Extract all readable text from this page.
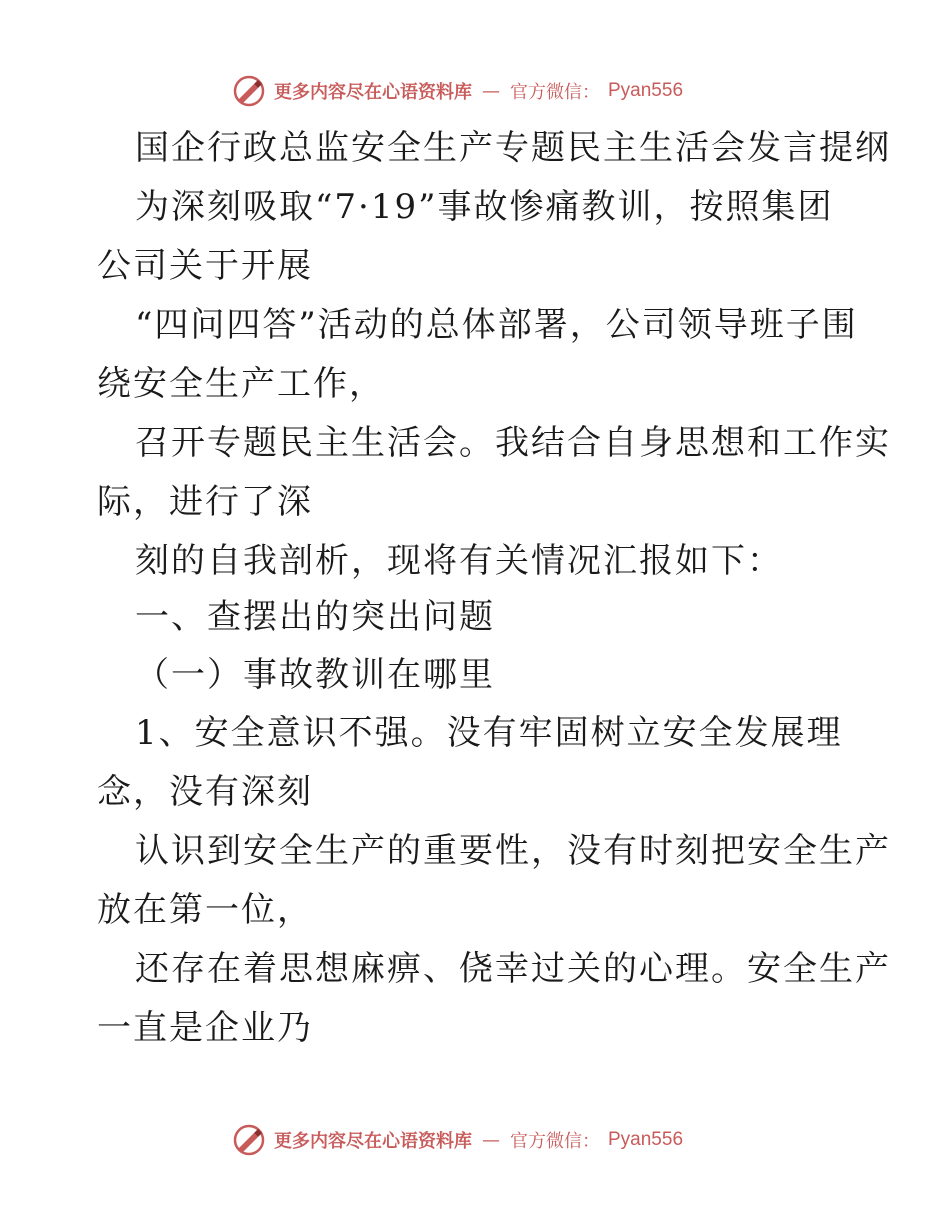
更多内容尽在心语资料库 — 官方微信： Pyan556
国企行政总监安全生产专题民主生活会发言提纲
为深刻吸取“7·19”事故惨痛教训，按照集团
公司关于开展
“四问四答”活动的总体部署，公司领导班子围
绕安全生产工作，
召开专题民主生活会。我结合自身思想和工作实
际，进行了深
刻的自我剖析，现将有关情况汇报如下：
一、查摆出的突出问题
（一）事故教训在哪里
1、安全意识不强。没有牢固树立安全发展理
念，没有深刻
认识到安全生产的重要性，没有时刻把安全生产
放在第一位，
还存在着思想麻痹、侥幸过关的心理。安全生产
一直是企业乃
更多内容尽在心语资料库 — 官方微信： Pyan556
